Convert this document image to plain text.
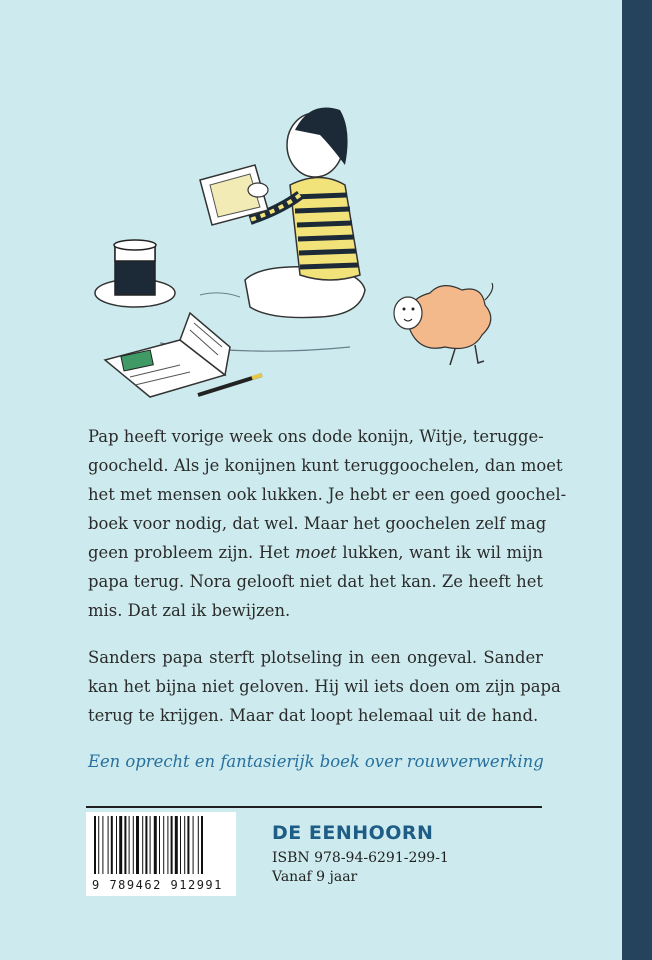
Pap heeft vorige week ons dode konijn, Witje, terugge-
goocheld. Als je konijnen kunt teruggoochelen, dan moet
het met mensen ook lukken. Je hebt er een goed goochel-
boek voor nodig, dat wel. Maar het goochelen zelf mag
geen probleem zijn. Het moet lukken, want ik wil mijn
papa terug. Nora gelooft niet dat het kan. Ze heeft het
mis. Dat zal ik bewijzen.
Sanders papa sterft plotseling in een ongeval. Sander
kan het bijna niet geloven. Hij wil iets doen om zijn papa
terug te krijgen. Maar dat loopt helemaal uit de hand.
Een oprecht en fantasierijk boek over rouwverwerking
9 789462 912991
DE EENHOORN
ISBN 978-94-6291-299-1
Vanaf 9 jaar
